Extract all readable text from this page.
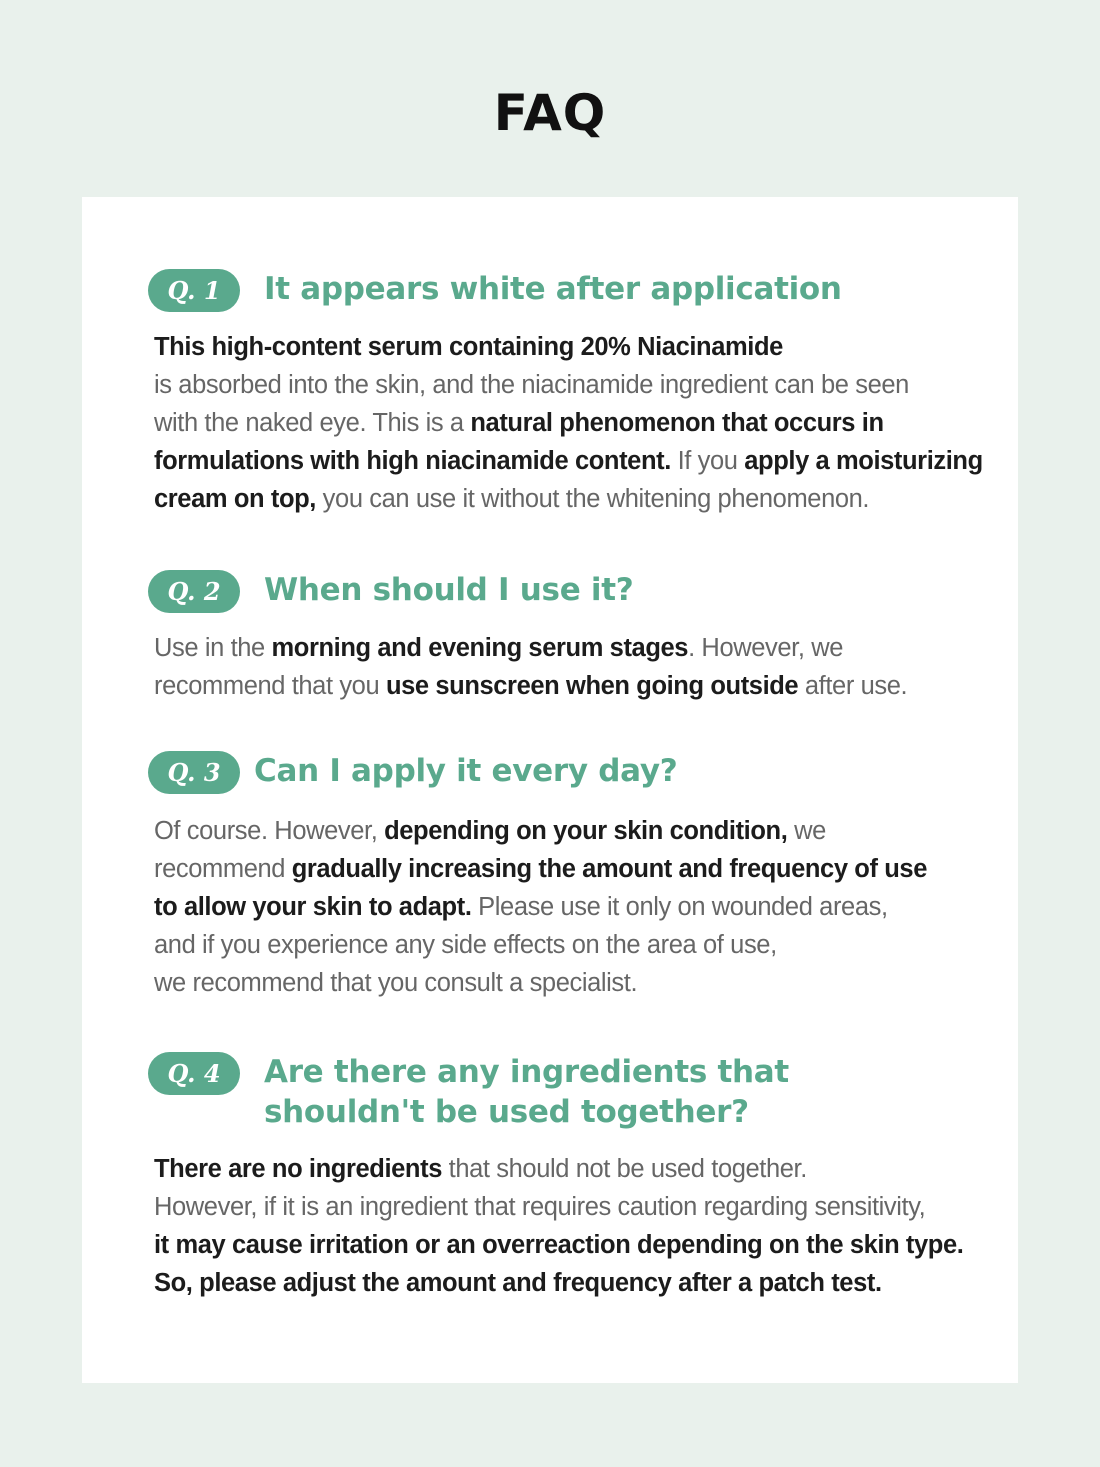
FAQ
Q. 1	It appears white after application
This high-content serum containing 20% Niacinamide
is absorbed into the skin, and the niacinamide ingredient can be seen
with the naked eye. This is a natural phenomenon that occurs in
formulations with high niacinamide content. If you apply a moisturizing
cream on top, you can use it without the whitening phenomenon.
Q. 2	When should I use it?
Use in the morning and evening serum stages. However, we
recommend that you use sunscreen when going outside after use.
Q. 3	Can I apply it every day?
Of course. However, depending on your skin condition, we
recommend gradually increasing the amount and frequency of use
to allow your skin to adapt. Please use it only on wounded areas,
and if you experience any side effects on the area of use,
we recommend that you consult a specialist.
Q. 4	Are there any ingredients that shouldn't be used together?
There are no ingredients that should not be used together.
However, if it is an ingredient that requires caution regarding sensitivity,
it may cause irritation or an overreaction depending on the skin type.
So, please adjust the amount and frequency after a patch test.
